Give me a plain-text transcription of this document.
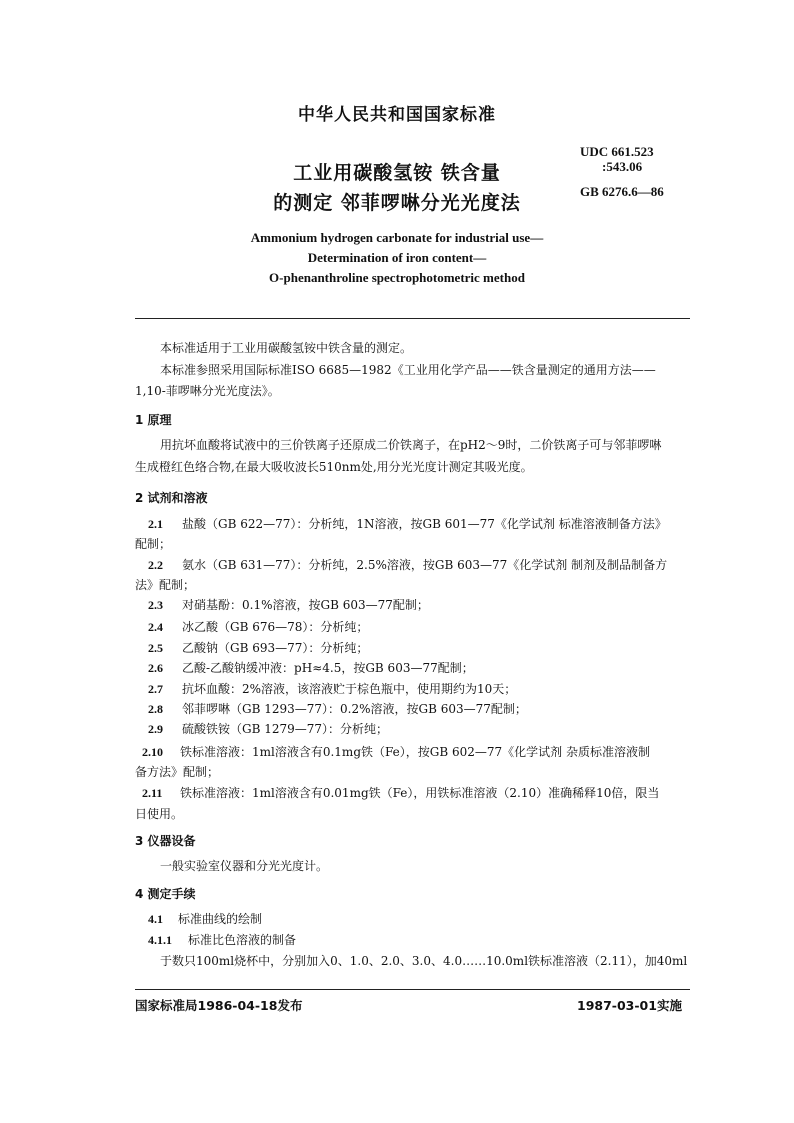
中华人民共和国国家标准
工业用碳酸氢铵 铁含量
的测定 邻菲啰啉分光光度法
UDC 661.523
:543.06
GB 6276.6—86
Ammonium hydrogen carbonate for industrial use—
Determination of iron content—
O-phenanthroline spectrophotometric method
本标准适用于工业用碳酸氢铵中铁含量的测定。
本标准参照采用国际标准ISO 6685—1982《工业用化学产品——铁含量测定的通用方法——
1,10-菲啰啉分光光度法》。
1 原理
用抗坏血酸将试液中的三价铁离子还原成二价铁离子，在pH2～9时，二价铁离子可与邻菲啰啉
生成橙红色络合物,在最大吸收波长510nm处,用分光光度计测定其吸光度。
2 试剂和溶液
2.1 盐酸（GB 622—77）：分析纯，1N溶液，按GB 601—77《化学试剂 标准溶液制备方法》
配制；
2.2 氨水（GB 631—77）：分析纯，2.5%溶液，按GB 603—77《化学试剂 制剂及制品制备方
法》配制；
2.3 对硝基酚：0.1%溶液，按GB 603—77配制；
2.4 冰乙酸（GB 676—78）：分析纯；
2.5 乙酸钠（GB 693—77）：分析纯；
2.6 乙酸-乙酸钠缓冲液：pH≈4.5，按GB 603—77配制；
2.7 抗坏血酸：2%溶液，该溶液贮于棕色瓶中，使用期约为10天；
2.8 邻菲啰啉（GB 1293—77）：0.2%溶液，按GB 603—77配制；
2.9 硫酸铁铵（GB 1279—77）：分析纯；
2.10 铁标准溶液：1ml溶液含有0.1mg铁（Fe），按GB 602—77《化学试剂 杂质标准溶液制
备方法》配制；
2.11 铁标准溶液：1ml溶液含有0.01mg铁（Fe），用铁标准溶液（2.10）准确稀释10倍，限当
日使用。
3 仪器设备
一般实验室仪器和分光光度计。
4 测定手续
4.1 标准曲线的绘制
4.1.1 标准比色溶液的制备
于数只100ml烧杯中，分别加入0、1.0、2.0、3.0、4.0……10.0ml铁标准溶液（2.11），加40ml
国家标准局1986-04-18发布	1987-03-01实施
